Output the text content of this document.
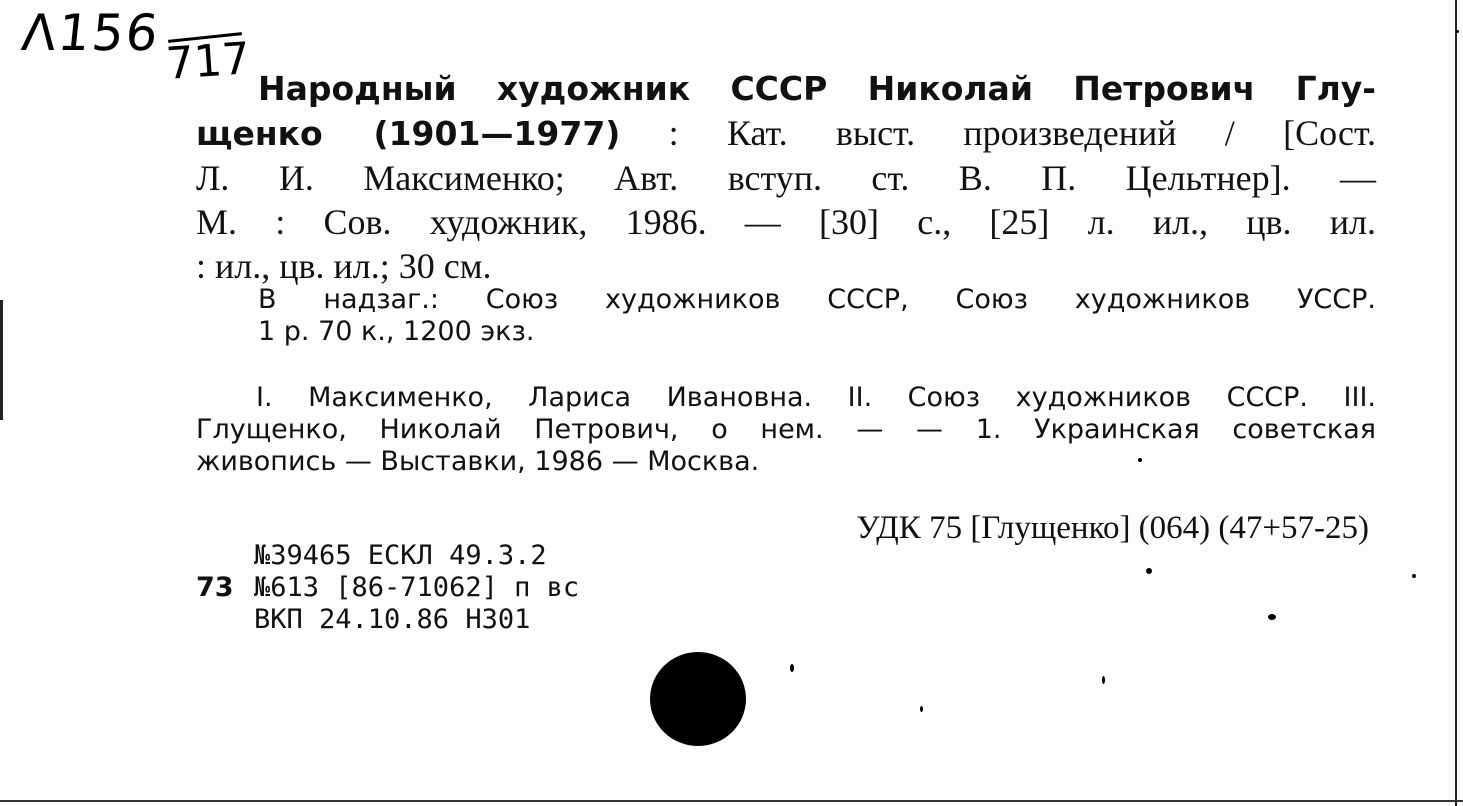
Λ156 717 Народный художник СССР Николай Петрович Глу-
щенко (1901—1977) : Кат. выст. произведений / [Сост.
Л. И. Максименко; Авт. вступ. ст. В. П. Цельтнер]. —
М. : Сов. художник, 1986. — [30] с., [25] л. ил., цв. ил.
: ил., цв. ил.; 30 см.
В надзаг.: Союз художников СССР, Союз художников УССР.
1 р. 70 к., 1200 экз.
I. Максименко, Лариса Ивановна. II. Союз художников СССР. III.
Глущенко, Николай Петрович, о нем. — — 1. Украинская советская
живопись — Выставки, 1986 — Москва.
УДК 75 [Глущенко] (064) (47+57-25)
№39465 ЕСКЛ 49.3.2
73 №613 [86-71062] п вс
ВКП 24.10.86 Н301
